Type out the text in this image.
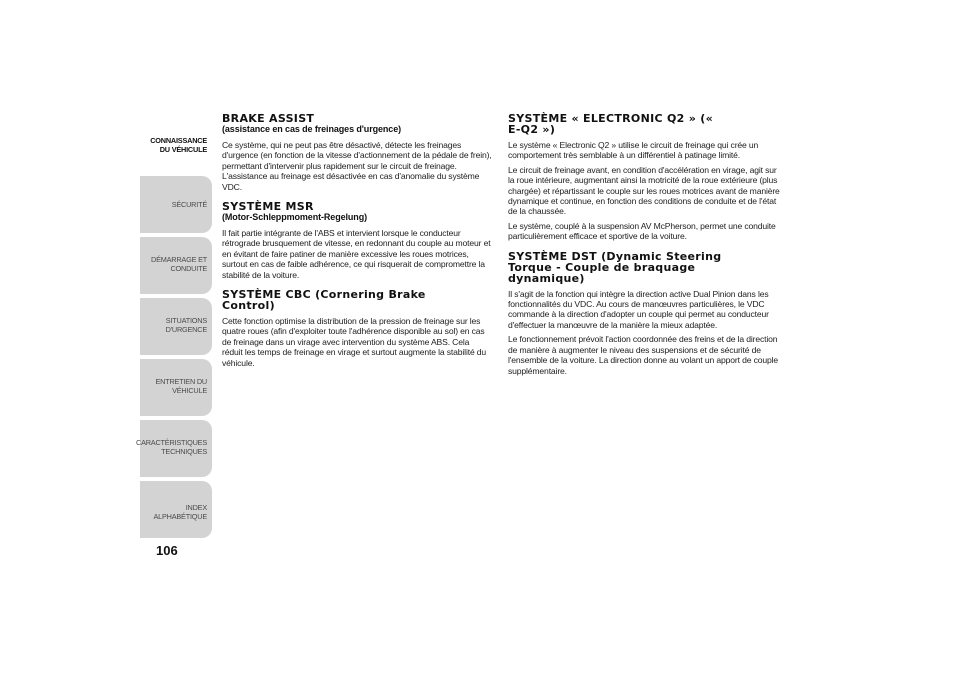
CONNAISSANCE
DU VÉHICULE

SÉCURITÉ

DÉMARRAGE ET
CONDUITE

SITUATIONS
D'URGENCE

ENTRETIEN DU
VÉHICULE

CARACTÉRISTIQUES
TECHNIQUES

INDEX
ALPHABÉTIQUE

106
BRAKE ASSIST
(assistance en cas de freinages d'urgence)

Ce système, qui ne peut pas être désactivé, détecte les freinages d'urgence (en fonction de la vitesse d'actionnement de la pédale de frein), permettant d'intervenir plus rapidement sur le circuit de freinage. L'assistance au freinage est désactivée en cas d'anomalie du système VDC.

SYSTÈME MSR
(Motor-Schleppmoment-Regelung)

Il fait partie intégrante de l'ABS et intervient lorsque le conducteur rétrograde brusquement de vitesse, en redonnant du couple au moteur et en évitant de faire patiner de manière excessive les roues motrices, surtout en cas de faible adhérence, ce qui risquerait de compromettre la stabilité de la voiture.

SYSTÈME CBC (Cornering Brake Control)

Cette fonction optimise la distribution de la pression de freinage sur les quatre roues (afin d'exploiter toute l'adhérence disponible au sol) en cas de freinage dans un virage avec intervention du système ABS. Cela réduit les temps de freinage en virage et surtout augmente la stabilité du véhicule.

SYSTÈME « ELECTRONIC Q2 » (« E-Q2 »)

Le système « Electronic Q2 » utilise le circuit de freinage qui crée un comportement très semblable à un différentiel à patinage limité.

Le circuit de freinage avant, en condition d'accélération en virage, agit sur la roue intérieure, augmentant ainsi la motricité de la roue extérieure (plus chargée) et répartissant le couple sur les roues motrices avant de manière dynamique et continue, en fonction des conditions de conduite et de l'état de la chaussée.

Le système, couplé à la suspension AV McPherson, permet une conduite particulièrement efficace et sportive de la voiture.

SYSTÈME DST (Dynamic Steering Torque - Couple de braquage dynamique)

Il s'agit de la fonction qui intègre la direction active Dual Pinion dans les fonctionnalités du VDC. Au cours de manœuvres particulières, le VDC commande à la direction d'adopter un couple qui permet au conducteur d'effectuer la manœuvre de la manière la mieux adaptée.

Le fonctionnement prévoit l'action coordonnée des freins et de la direction de manière à augmenter le niveau des suspensions et de sécurité de l'ensemble de la voiture. La direction donne au volant un apport de couple supplémentaire.
